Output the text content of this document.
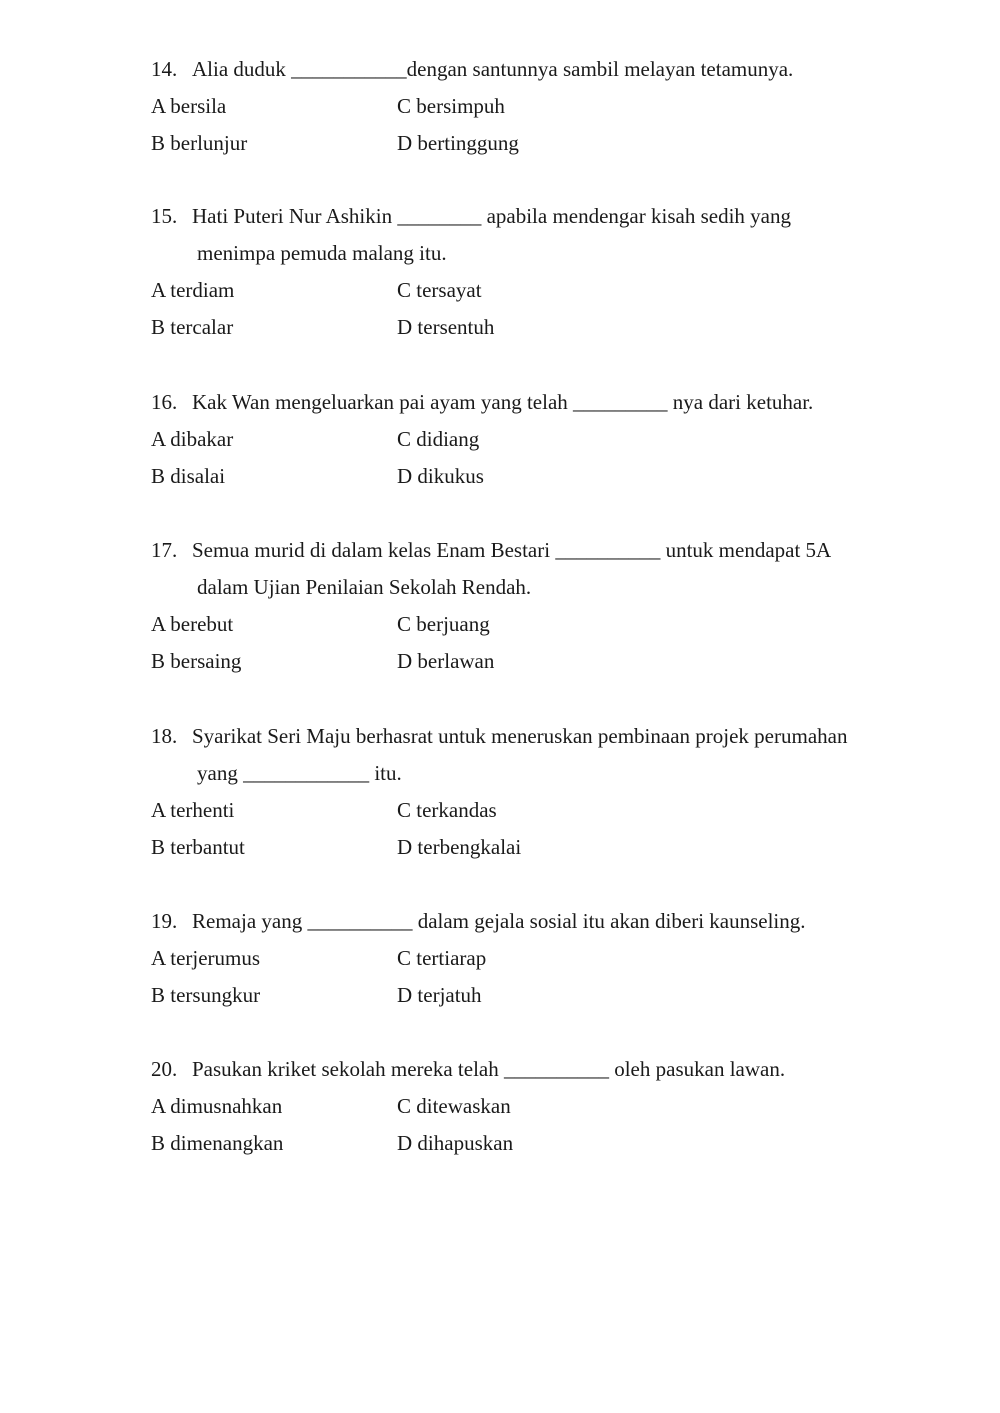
14. Alia duduk ___________dengan santunnya sambil melayan tetamunya.
A bersila	C bersimpuh
B berlunjur	D bertinggung
15. Hati Puteri Nur Ashikin ________ apabila mendengar kisah sedih yang
menimpa pemuda malang itu.
A terdiam	C tersayat
B tercalar	D tersentuh
16. Kak Wan mengeluarkan pai ayam yang telah _________ nya dari ketuhar.
A dibakar	C didiang
B disalai	D dikukus
17. Semua murid di dalam kelas Enam Bestari __________ untuk mendapat 5A
dalam Ujian Penilaian Sekolah Rendah.
A berebut	C berjuang
B bersaing	D berlawan
18. Syarikat Seri Maju berhasrat untuk meneruskan pembinaan projek perumahan
yang ____________ itu.
A terhenti	C terkandas
B terbantut	D terbengkalai
19. Remaja yang __________ dalam gejala sosial itu akan diberi kaunseling.
A terjerumus	C tertiarap
B tersungkur	D terjatuh
20. Pasukan kriket sekolah mereka telah __________ oleh pasukan lawan.
A dimusnahkan	C ditewaskan
B dimenangkan	D dihapuskan
